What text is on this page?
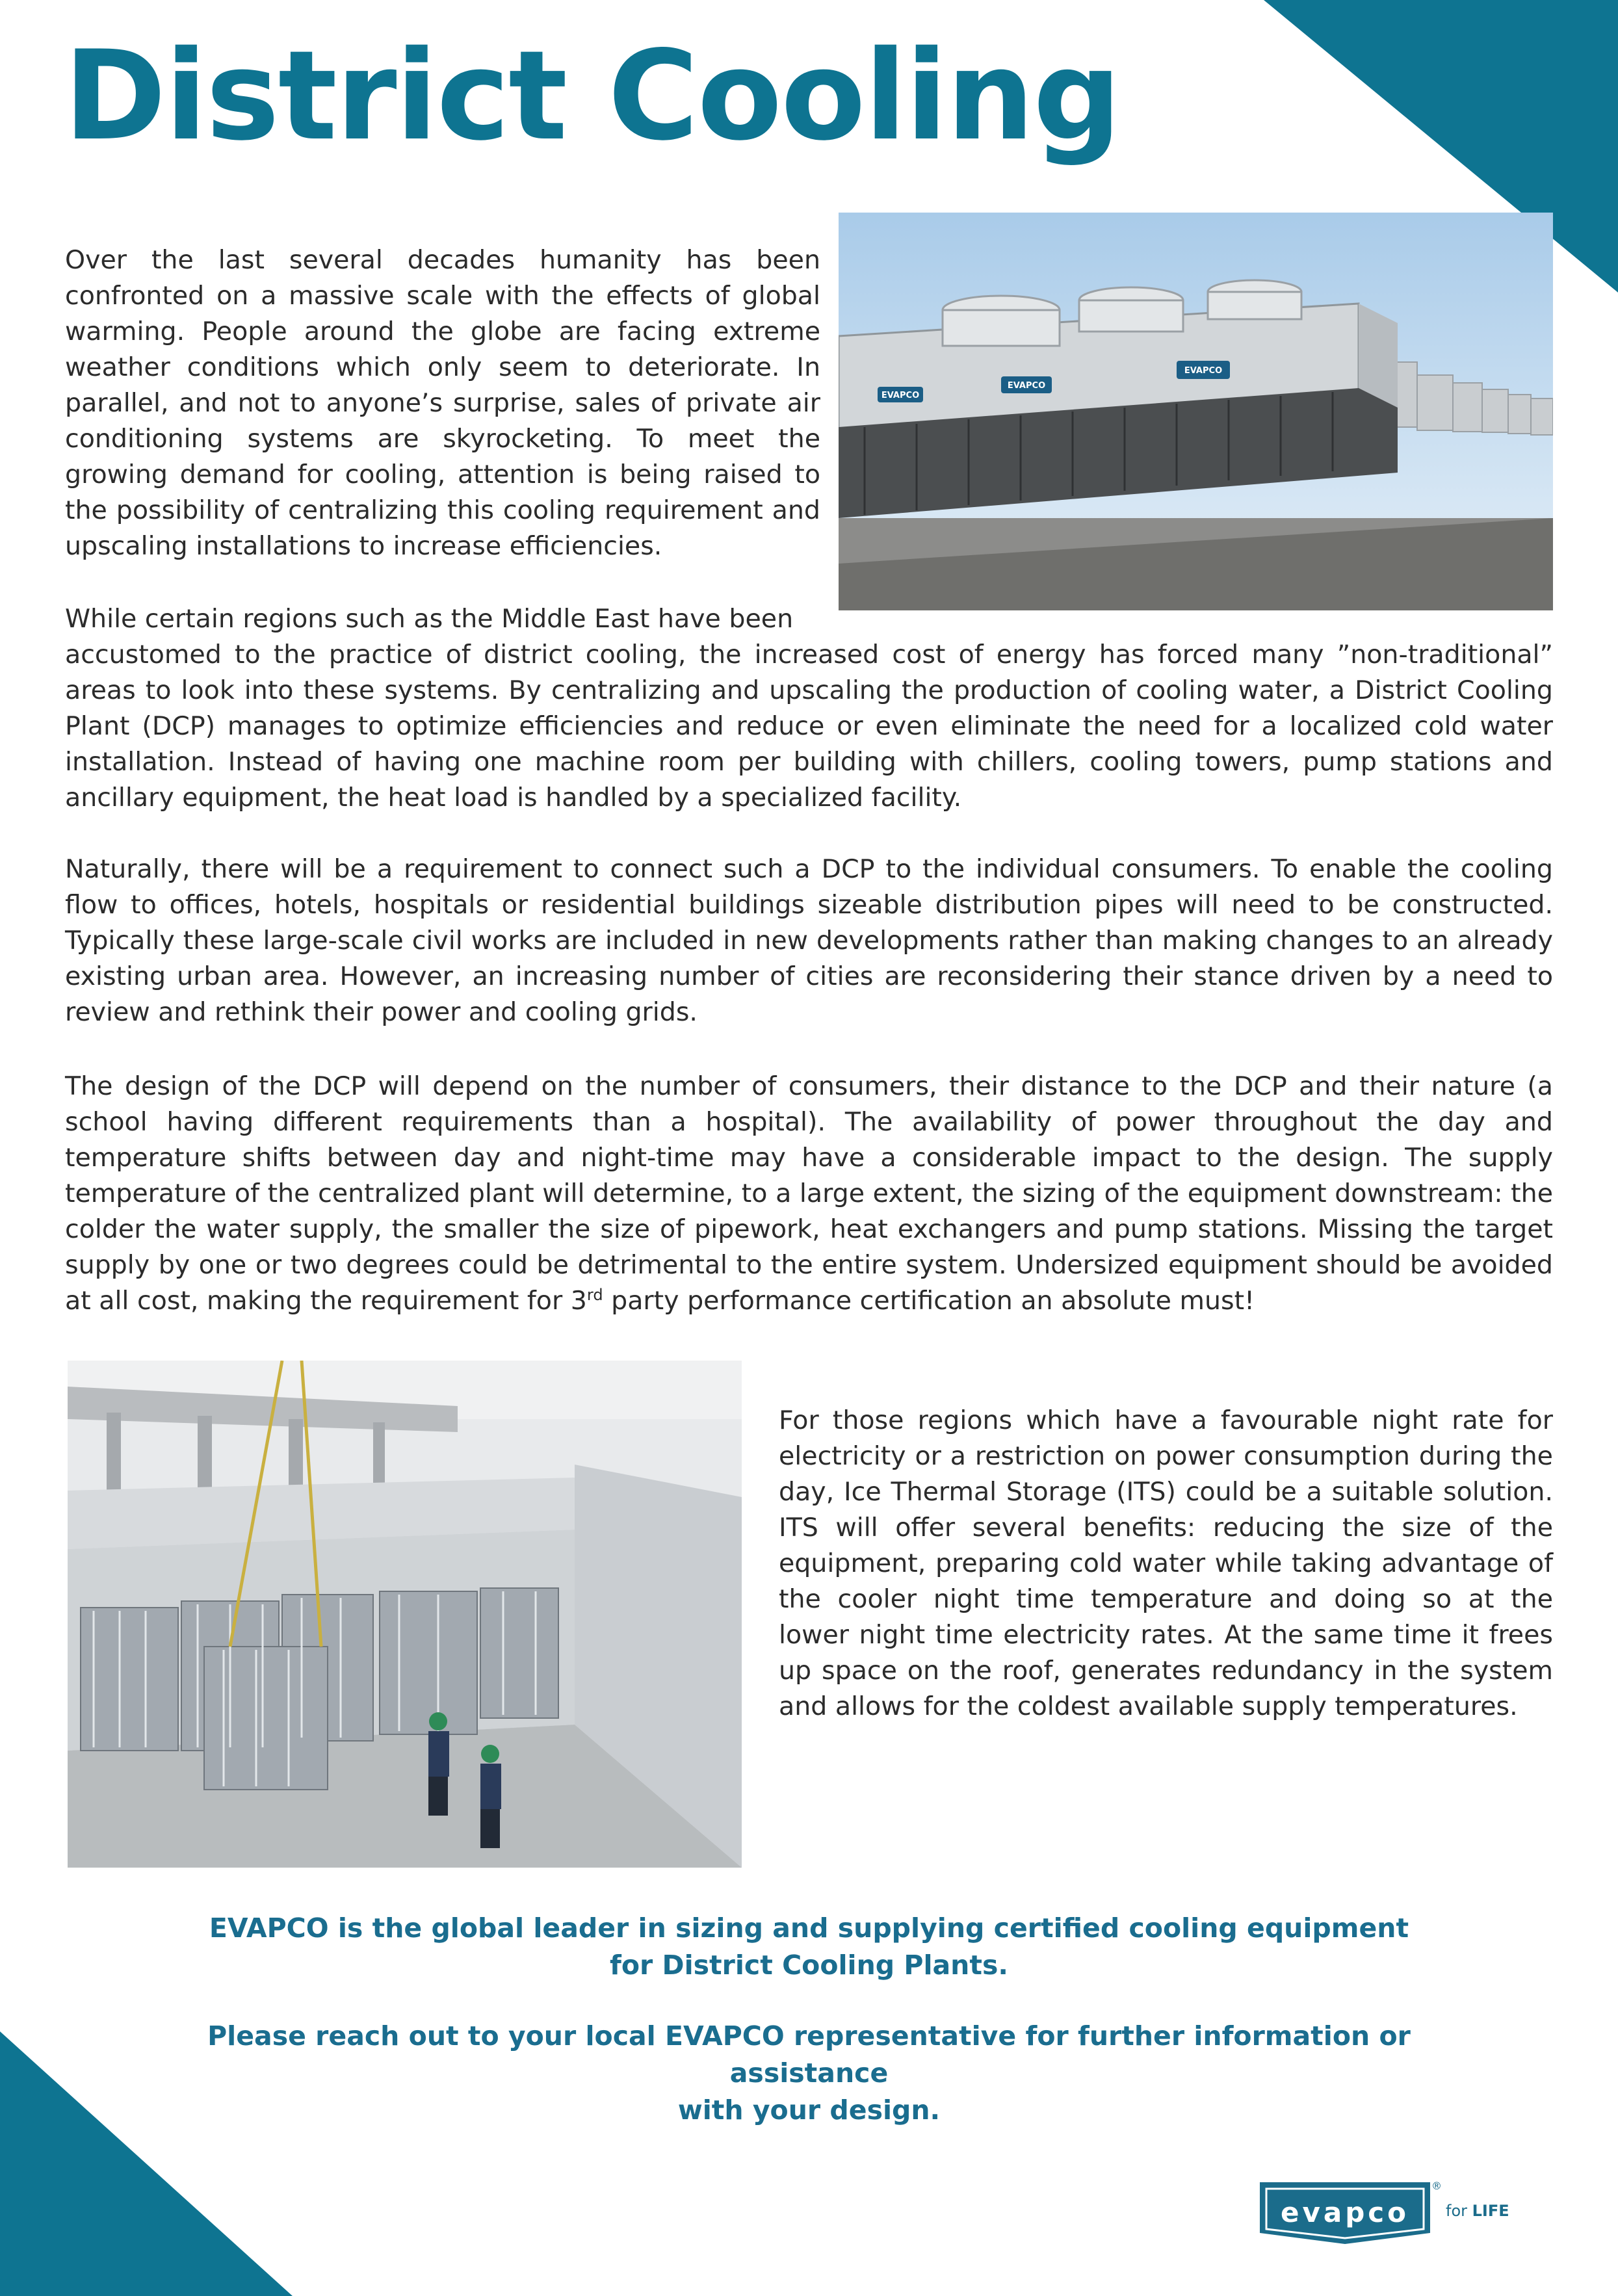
District Cooling

Over the last several decades humanity has been confronted on a massive scale with the effects of global warming. People around the globe are facing extreme weather conditions which only seem to deteriorate. In parallel, and not to anyone’s surprise, sales of private air conditioning systems are skyrocketing. To meet the growing demand for cooling, attention is being raised to the possibility of centralizing this cooling requirement and upscaling installations to increase efficiencies.

EVAPCO
EVAPCO
EVAPCO

While certain regions such as the Middle East have been

accustomed to the practice of district cooling, the increased cost of energy has forced many ”non-traditional” areas to look into these systems. By centralizing and upscaling the production of cooling water, a District Cooling Plant (DCP) manages to optimize efficiencies and reduce or even eliminate the need for a localized cold water installation. Instead of having one machine room per building with chillers, cooling towers, pump stations and ancillary equipment, the heat load is handled by a specialized facility.

Naturally, there will be a requirement to connect such a DCP to the individual consumers. To enable the cooling flow to offices, hotels, hospitals or residential buildings sizeable distribution pipes will need to be constructed. Typically these large-scale civil works are included in new developments rather than making changes to an already existing urban area. However, an increasing number of cities are reconsidering their stance driven by a need to review and rethink their power and cooling grids.

The design of the DCP will depend on the number of consumers, their distance to the DCP and their nature (a school having different requirements than a hospital). The availability of power throughout the day and temperature shifts between day and night-time may have a considerable impact to the design. The supply temperature of the centralized plant will determine, to a large extent, the sizing of the equipment downstream: the colder the water supply, the smaller the size of pipework, heat exchangers and pump stations. Missing the target supply by one or two degrees could be detrimental to the entire system. Undersized equipment should be avoided at all cost, making the requirement for 3rd party performance certification an absolute must!

For those regions which have a favourable night rate for electricity or a restriction on power consumption during the day, Ice Thermal Storage (ITS) could be a suitable solution. ITS will offer several benefits: reducing the size of the equipment, preparing cold water while taking advantage of the cooler night time temperature and doing so at the lower night time electricity rates. At the same time it frees up space on the roof, generates redundancy in the system and allows for the coldest available supply temperatures.

EVAPCO is the global leader in sizing and supplying certified cooling equipment
for District Cooling Plants.

Please reach out to your local EVAPCO representative for further information or assistance
with your design.

evapco
®
for LIFE
